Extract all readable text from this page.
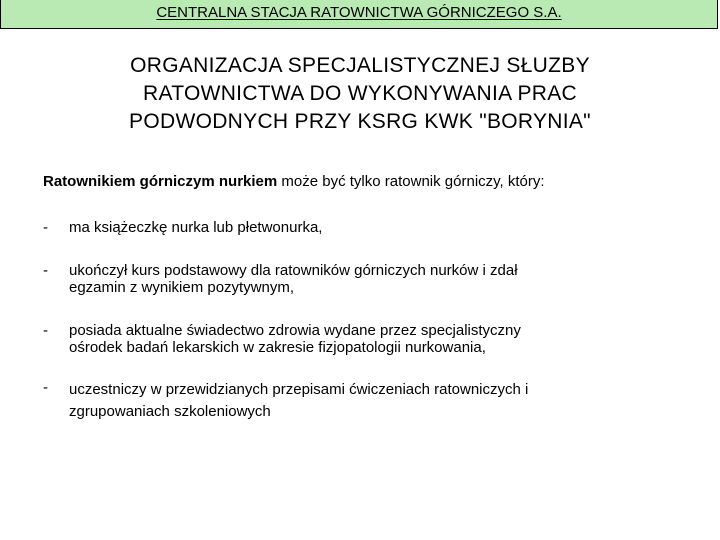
CENTRALNA STACJA RATOWNICTWA GÓRNICZEGO S.A.
ORGANIZACJA SPECJALISTYCZNEJ SŁUZBY
RATOWNICTWA DO WYKONYWANIA PRAC
PODWODNYCH PRZY KSRG KWK "BORYNIA"
Ratownikiem górniczym nurkiem może być tylko ratownik górniczy, który:
- ma książeczkę nurka lub płetwonurka,
- ukończył kurs podstawowy dla ratowników górniczych nurków i zdał
egzamin z wynikiem pozytywnym,
- posiada aktualne świadectwo zdrowia wydane przez specjalistyczny
ośrodek badań lekarskich w zakresie fizjopatologii nurkowania,
- uczestniczy w przewidzianych przepisami ćwiczeniach ratowniczych i
zgrupowaniach szkoleniowych
